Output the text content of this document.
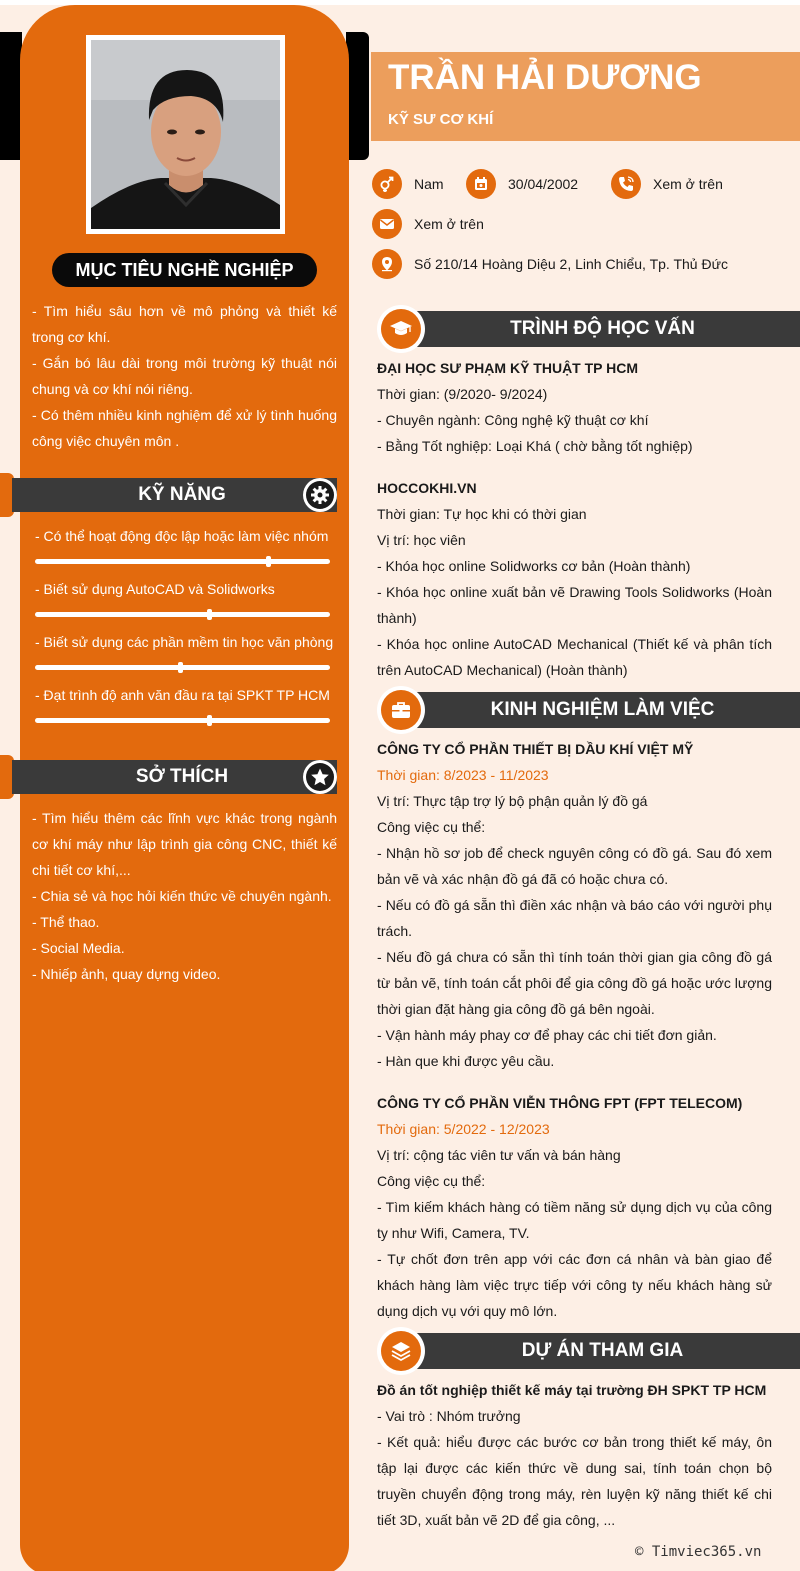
MỤC TIÊU NGHỀ NGHIỆP
- Tìm hiểu sâu hơn về mô phỏng và thiết kế trong cơ khí.
- Gắn bó lâu dài trong môi trường kỹ thuật nói chung và cơ khí nói riêng.
- Có thêm nhiều kinh nghiệm để xử lý tình huống công việc chuyên môn .
KỸ NĂNG
- Có thể hoạt động độc lập hoặc làm việc nhóm
- Biết sử dụng AutoCAD và Solidworks
- Biết sử dụng các phần mềm tin học văn phòng
- Đạt trình độ anh văn đầu ra tại SPKT TP HCM
SỞ THÍCH
- Tìm hiểu thêm các lĩnh vực khác trong ngành cơ khí máy như lập trình gia công CNC, thiết kế chi tiết cơ khí,...
- Chia sẻ và học hỏi kiến thức về chuyên ngành.
- Thể thao.
- Social Media.
- Nhiếp ảnh, quay dựng video.
TRẦN HẢI DƯƠNG
KỸ SƯ CƠ KHÍ
Nam	30/04/2002	Xem ở trên
Xem ở trên
Số 210/14 Hoàng Diệu 2, Linh Chiểu, Tp. Thủ Đức
TRÌNH ĐỘ HỌC VẤN
ĐẠI HỌC SƯ PHẠM KỸ THUẬT TP HCM
Thời gian: (9/2020- 9/2024)
- Chuyên ngành: Công nghệ kỹ thuật cơ khí
- Bằng Tốt nghiệp: Loại Khá ( chờ bằng tốt nghiệp)
HOCCOKHI.VN
Thời gian: Tự học khi có thời gian
Vị trí: học viên
- Khóa học online Solidworks cơ bản (Hoàn thành)
- Khóa học online xuất bản vẽ Drawing Tools Solidworks (Hoàn thành)
- Khóa học online AutoCAD Mechanical (Thiết kế và phân tích trên AutoCAD Mechanical) (Hoàn thành)
KINH NGHIỆM LÀM VIỆC
CÔNG TY CỔ PHẦN THIẾT BỊ DẦU KHÍ VIỆT MỸ
Thời gian: 8/2023 - 11/2023
Vị trí: Thực tập trợ lý bộ phận quản lý đồ gá
Công việc cụ thể:
- Nhận hồ sơ job để check nguyên công có đồ gá. Sau đó xem bản vẽ và xác nhận đồ gá đã có hoặc chưa có.
- Nếu có đồ gá sẵn thì điền xác nhận và báo cáo với người phụ trách.
- Nếu đồ gá chưa có sẵn thì tính toán thời gian gia công đồ gá từ bản vẽ, tính toán cắt phôi để gia công đồ gá hoặc ước lượng thời gian đặt hàng gia công đồ gá bên ngoài.
- Vận hành máy phay cơ để phay các chi tiết đơn giản.
- Hàn que khi được yêu cầu.
CÔNG TY CỔ PHẦN VIỄN THÔNG FPT (FPT TELECOM)
Thời gian: 5/2022 - 12/2023
Vị trí: cộng tác viên tư vấn và bán hàng
Công việc cụ thể:
- Tìm kiếm khách hàng có tiềm năng sử dụng dịch vụ của công ty như Wifi, Camera, TV.
- Tự chốt đơn trên app với các đơn cá nhân và bàn giao để khách hàng làm việc trực tiếp với công ty nếu khách hàng sử dụng dịch vụ với quy mô lớn.
DỰ ÁN THAM GIA
Đồ án tốt nghiệp thiết kế máy tại trường ĐH SPKT TP HCM
- Vai trò : Nhóm trưởng
- Kết quả: hiểu được các bước cơ bản trong thiết kế máy, ôn tập lại được các kiến thức về dung sai, tính toán chọn bộ truyền chuyển động trong máy, rèn luyện kỹ năng thiết kế chi tiết 3D, xuất bản vẽ 2D để gia công, ...
© Timviec365.vn
